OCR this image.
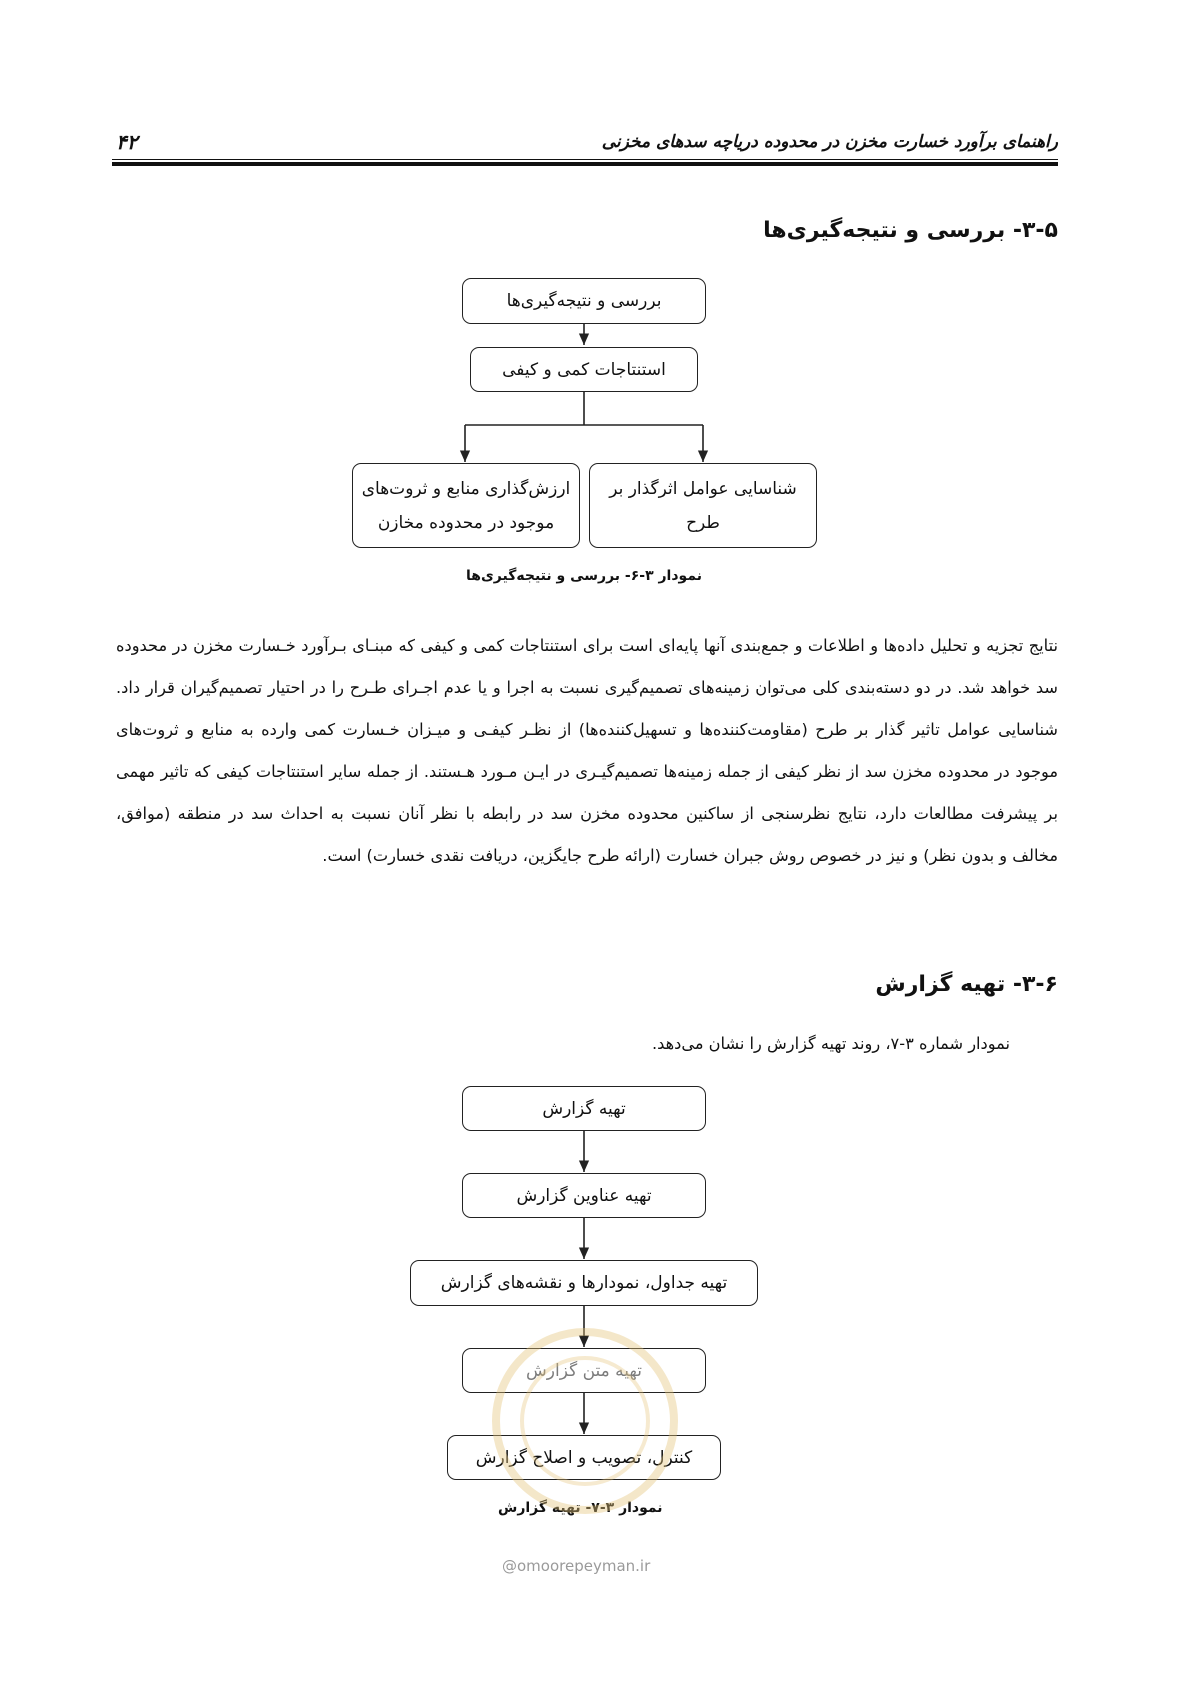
راهنمای برآورد خسارت مخزن در محدوده دریاچه سدهای مخزنی
۴۲
۳-۵- بررسی و نتیجه‌گیری‌ها
بررسی و نتیجه‌گیری‌ها
استنتاجات کمی و کیفی
ارزش‌گذاری منابع و ثروت‌های
موجود در محدوده مخازن
شناسایی عوامل اثرگذار بر
طرح
نمودار ۳-۶- بررسی و نتیجه‌گیری‌ها
نتایج تجزیه و تحلیل داده‌ها و اطلاعات و جمع‌بندی آنها پایه‌ای است برای استنتاجات کمی و کیفی که مبنـای بـرآورد خـسارت مخزن در محدوده سد خواهد شد. در دو دسته‌بندی کلی می‌توان زمینه‌های تصمیم‌گیری نسبت به اجرا و یا عدم اجـرای طـرح را در احتیار تصمیم‌گیران قرار داد. شناسایی عوامل تاثیر گذار بر طرح (مقاومت‌کننده‌ها و تسهیل‌کننده‌ها) از نظـر کیفـی و میـزان خـسارت کمی وارده به منابع و ثروت‌های موجود در محدوده مخزن سد از نظر کیفی از جمله زمینه‌ها تصمیم‌گیـری در ایـن مـورد هـستند. از جمله سایر استنتاجات کیفی که تاثیر مهمی بر پیشرفت مطالعات دارد، نتایج نظرسنجی از ساکنین محدوده مخزن سد در رابطه با نظر آنان نسبت به احداث سد در منطقه (موافق، مخالف و بدون نظر) و نیز در خصوص روش جبران خسارت (ارائه طرح جایگزین، دریافت نقدی خسارت) است.
۳-۶- تهیه گزارش
نمودار شماره ۳-۷، روند تهیه گزارش را نشان می‌دهد.
تهیه گزارش
تهیه عناوین گزارش
تهیه جداول، نمودارها و نقشه‌های گزارش
تهیه متن گزارش
کنترل، تصویب و اصلاح گزارش
نمودار ۳-۷- تهیه گزارش
@omoorepeyman.ir
